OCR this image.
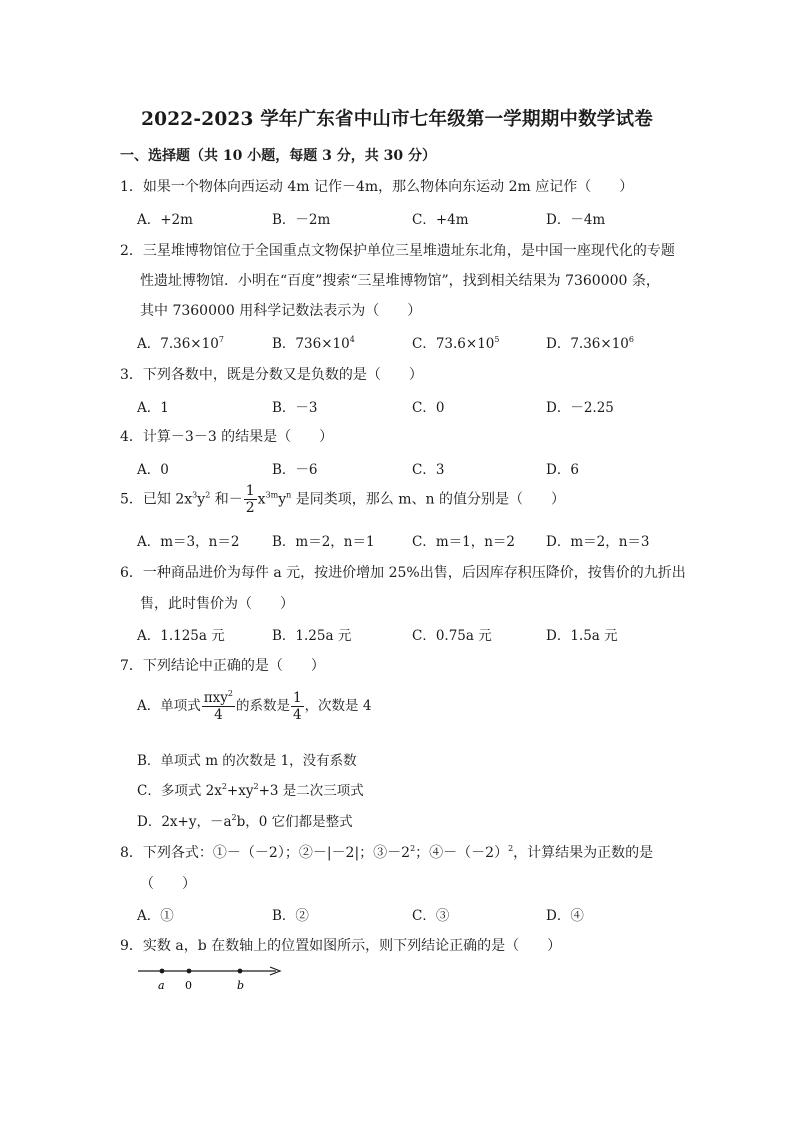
2022-2023 学年广东省中山市七年级第一学期期中数学试卷
一、选择题（共 10 小题，每题 3 分，共 30 分）
1．如果一个物体向西运动 4m 记作－4m，那么物体向东运动 2m 应记作（　　）
A．+2m	B．－2m	C．+4m	D．－4m
2．三星堆博物馆位于全国重点文物保护单位三星堆遗址东北角，是中国一座现代化的专题
性遗址博物馆．小明在“百度”搜索“三星堆博物馆”，找到相关结果为 7360000 条，
其中 7360000 用科学记数法表示为（　　）
A．$7.36\times 10^7$	B．$736\times 10^4$	C．$73.6\times 10^5$	D．$7.36\times 10^6$
3．下列各数中，既是分数又是负数的是（　　）
A．1	B．－3	C．0	D．－2.25
4．计算－3－3 的结果是（　　）
A．0	B．－6	C．3	D．6
5．已知 $2x^3y^2$ 和－ $\frac{1}{2} x^{3m}y^n$ 是同类项，那么 m、n 的值分别是（　　）
A．m＝3，n＝2 B．m＝2，n＝1	C．m＝1，n＝2 D．m＝2，n＝3
6．一种商品进价为每件 a 元，按进价增加 25%出售，后因库存积压降价，按售价的九折出
售，此时售价为（　　）
A．1.125a 元	B．1.25a 元	C．0.75a 元	D．1.5a 元
7．下列结论中正确的是（　　）
A．单项式 $\frac{\pi xy^2}{4}$ 的系数是 $\frac{1}{4}$ ，次数是 4
B．单项式 m 的次数是 1，没有系数
C．多项式 $2x^2+xy^2+3$ 是二次三项式
D．2x+y，$-a^2b$，0 它们都是整式
8．下列各式：①－（－2）；②－|－2|；$③-2^2$；$④-(-2)^2$，计算结果为正数的是
（　　）
A．①	B．②	C．③	D．④
9．实数 a，b 在数轴上的位置如图所示，则下列结论正确的是（　　）
a 0	b
